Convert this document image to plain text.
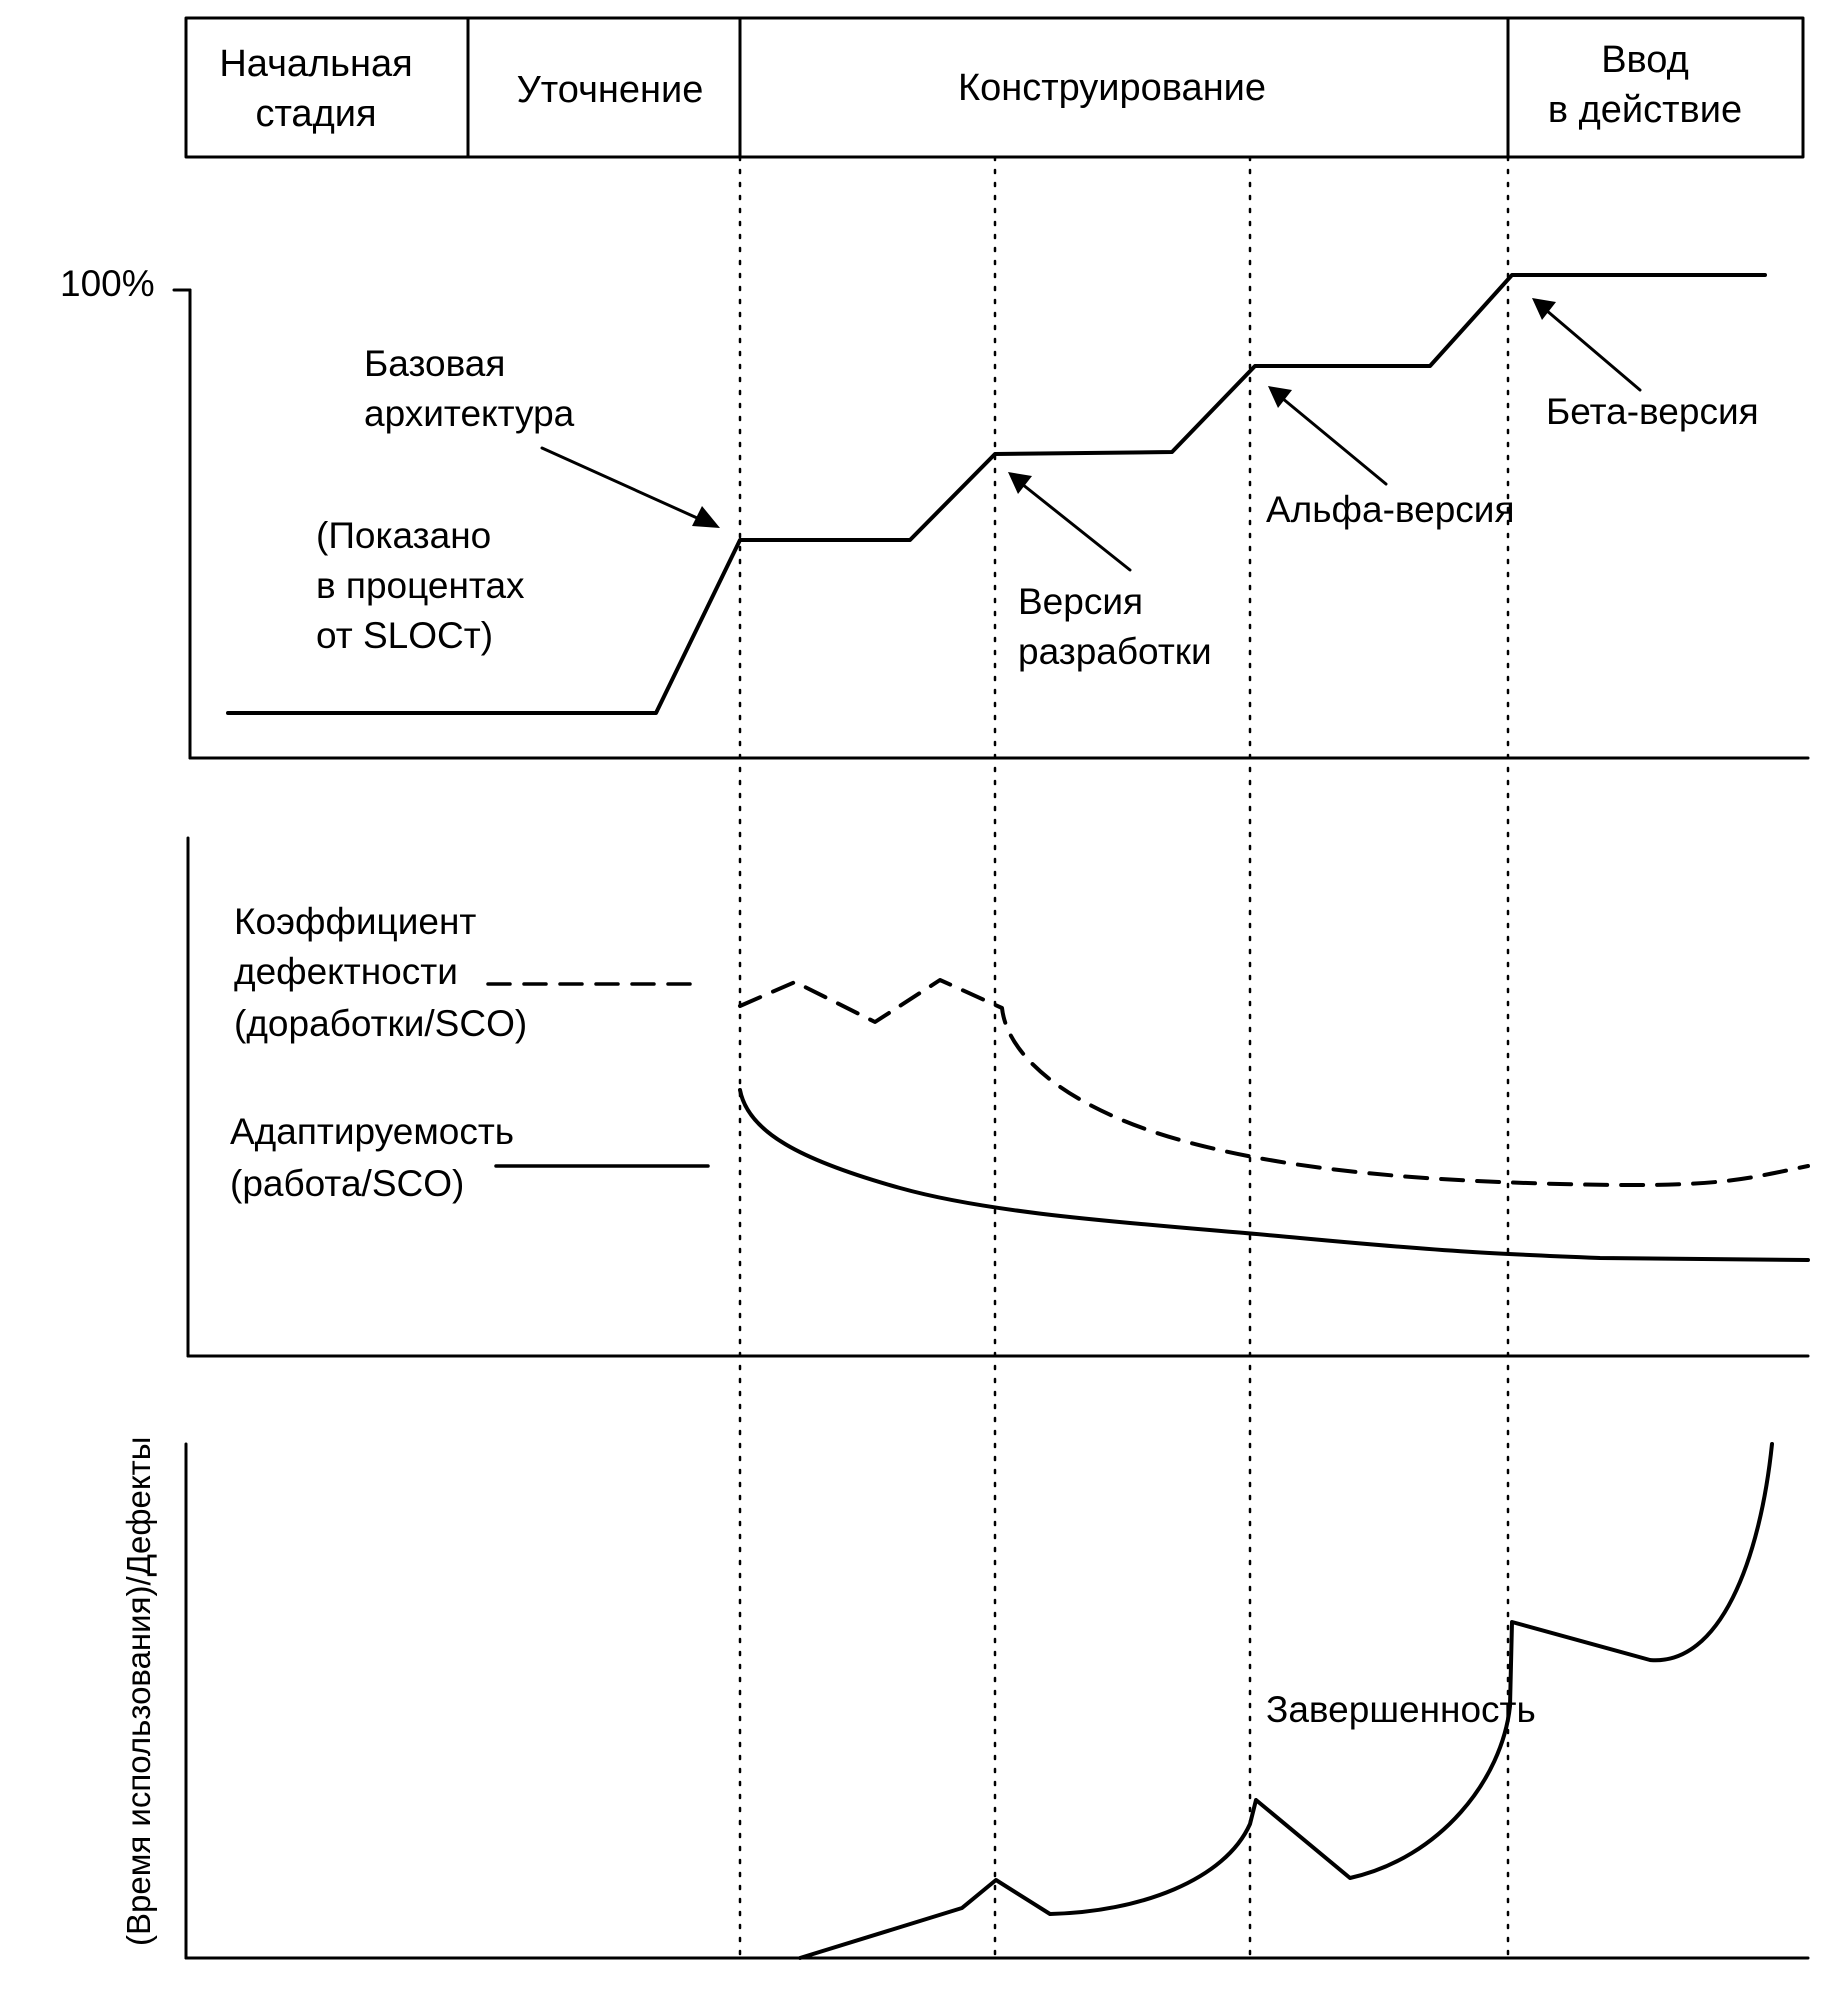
Начальная
стадия
Уточнение	Конструирование
Ввод
в действие
100%
(Показано
в процентах
от SLOCт)
Базовая
архитектура
Версия
разработки
Альфа-версия
Бета-версия
Коэффициент
дефектности
(доработки/SCO)
Адаптируемость
(работа/SCO)
(Время использования)/Дефекты	Завершенность
